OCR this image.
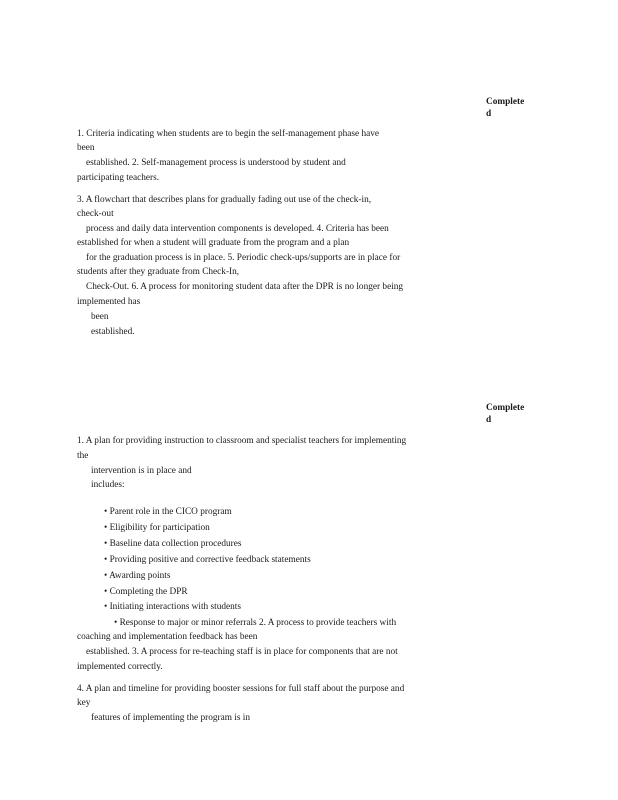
Complete
d
1. Criteria indicating when students are to begin the self-management phase have
been
established. 2. Self-management process is understood by student and
participating teachers.
3. A flowchart that describes plans for gradually fading out use of the check-in,
check-out
process and daily data intervention components is developed. 4. Criteria has been
established for when a student will graduate from the program and a plan
for the graduation process is in place. 5. Periodic check-ups/supports are in place for
students after they graduate from Check-In,
Check-Out. 6. A process for monitoring student data after the DPR is no longer being
implemented has
been
established.
Complete
d
1. A plan for providing instruction to classroom and specialist teachers for implementing
the
intervention is in place and
includes:
• Parent role in the CICO program
• Eligibility for participation
• Baseline data collection procedures
• Providing positive and corrective feedback statements
• Awarding points
• Completing the DPR
• Initiating interactions with students
• Response to major or minor referrals 2. A process to provide teachers with
coaching and implementation feedback has been
established. 3. A process for re-teaching staff is in place for components that are not
implemented correctly.
4. A plan and timeline for providing booster sessions for full staff about the purpose and
key
features of implementing the program is in
